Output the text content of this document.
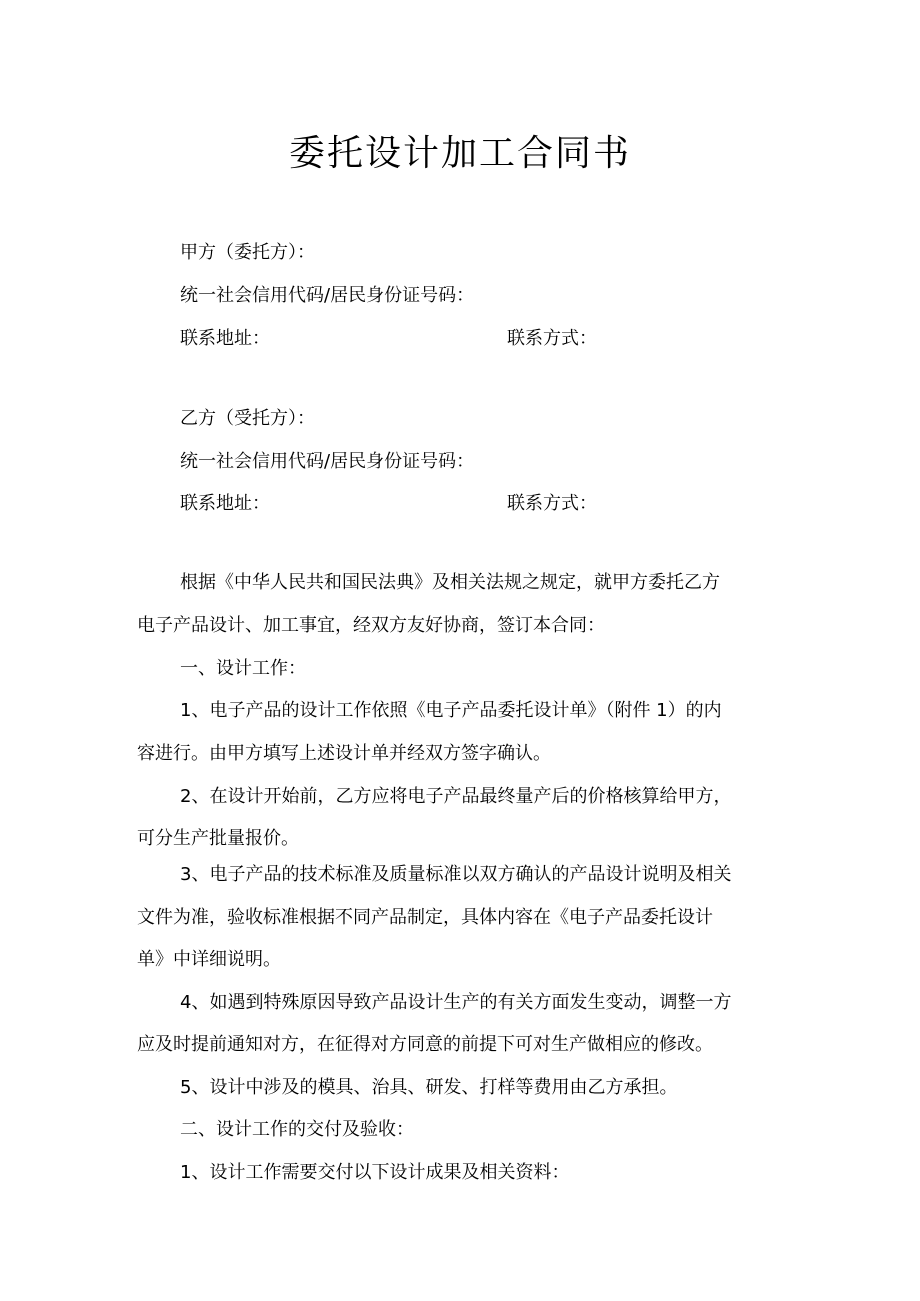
委托设计加工合同书
甲方（委托方）：
统一社会信用代码/居民身份证号码：
联系地址：	联系方式：
乙方（受托方）：
统一社会信用代码/居民身份证号码：
联系地址：	联系方式：
根据《中华人民共和国民法典》及相关法规之规定，就甲方委托乙方
电子产品设计、加工事宜，经双方友好协商，签订本合同：
一、设计工作：
1、电子产品的设计工作依照《电子产品委托设计单》（附件 1）的内
容进行。由甲方填写上述设计单并经双方签字确认。
2、在设计开始前，乙方应将电子产品最终量产后的价格核算给甲方，
可分生产批量报价。
3、电子产品的技术标准及质量标准以双方确认的产品设计说明及相关
文件为准，验收标准根据不同产品制定，具体内容在《电子产品委托设计
单》中详细说明。
4、如遇到特殊原因导致产品设计生产的有关方面发生变动，调整一方
应及时提前通知对方，在征得对方同意的前提下可对生产做相应的修改。
5、设计中涉及的模具、治具、研发、打样等费用由乙方承担。
二、设计工作的交付及验收：
1、设计工作需要交付以下设计成果及相关资料：
